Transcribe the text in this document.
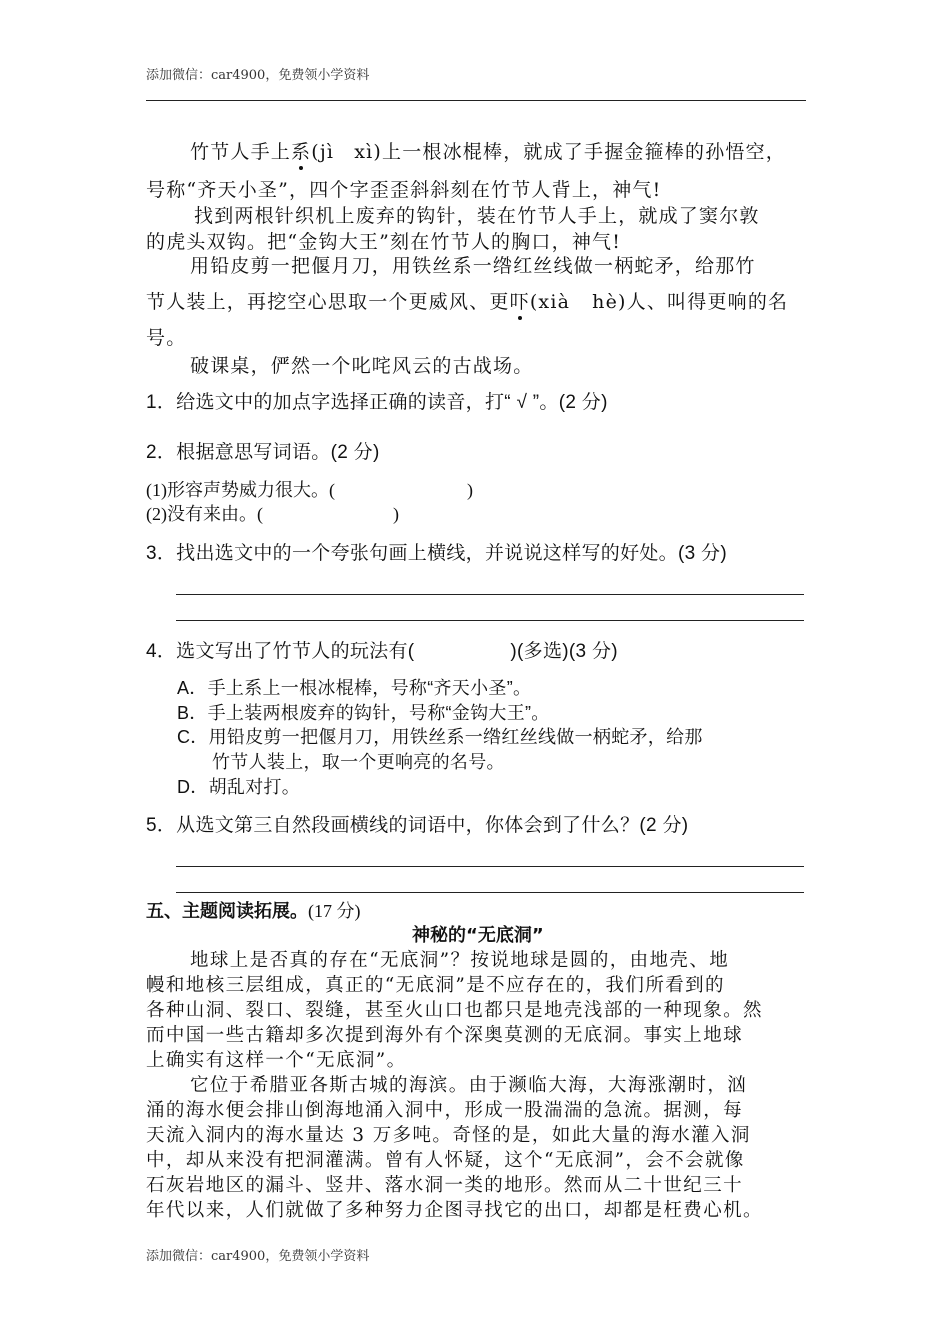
添加微信：car4900，免费领小学资料
竹节人手上系(jì xì)上一根冰棍棒，就成了手握金箍棒的孙悟空，
号称“齐天小圣”，四个字歪歪斜斜刻在竹节人背上，神气!
找到两根针织机上废弃的钩针，装在竹节人手上，就成了窦尔敦
的虎头双钩。把“金钩大王”刻在竹节人的胸口，神气!
用铅皮剪一把偃月刀，用铁丝系一绺红丝线做一柄蛇矛，给那竹
节人装上，再挖空心思取一个更威风、更吓(xià hè)人、叫得更响的名
号。
破课桌，俨然一个叱咤风云的古战场。
1．给选文中的加点字选择正确的读音，打“ √ ”。(2 分)
2．根据意思写词语。(2 分)
(1)形容声势威力很大。(	)
(2)没有来由。(	)
3．找出选文中的一个夸张句画上横线，并说说这样写的好处。(3 分)
4．选文写出了竹节人的玩法有(	)(多选)(3 分)
A．手上系上一根冰棍棒，号称“齐天小圣”。
B．手上装两根废弃的钩针，号称“金钩大王”。
C．用铅皮剪一把偃月刀，用铁丝系一绺红丝线做一柄蛇矛，给那
竹节人装上，取一个更响亮的名号。
D．胡乱对打。
5．从选文第三自然段画横线的词语中，你体会到了什么？(2 分)
五、主题阅读拓展。(17 分)
神秘的“无底洞”
地球上是否真的存在“无底洞”？按说地球是圆的，由地壳、地
幔和地核三层组成，真正的“无底洞”是不应存在的，我们所看到的
各种山洞、裂口、裂缝，甚至火山口也都只是地壳浅部的一种现象。然
而中国一些古籍却多次提到海外有个深奥莫测的无底洞。事实上地球
上确实有这样一个“无底洞”。
它位于希腊亚各斯古城的海滨。由于濒临大海，大海涨潮时，汹
涌的海水便会排山倒海地涌入洞中，形成一股湍湍的急流。据测，每
天流入洞内的海水量达 3 万多吨。奇怪的是，如此大量的海水灌入洞
中，却从来没有把洞灌满。曾有人怀疑，这个“无底洞”，会不会就像
石灰岩地区的漏斗、竖井、落水洞一类的地形。然而从二十世纪三十
年代以来，人们就做了多种努力企图寻找它的出口，却都是枉费心机。
添加微信：car4900，免费领小学资料
